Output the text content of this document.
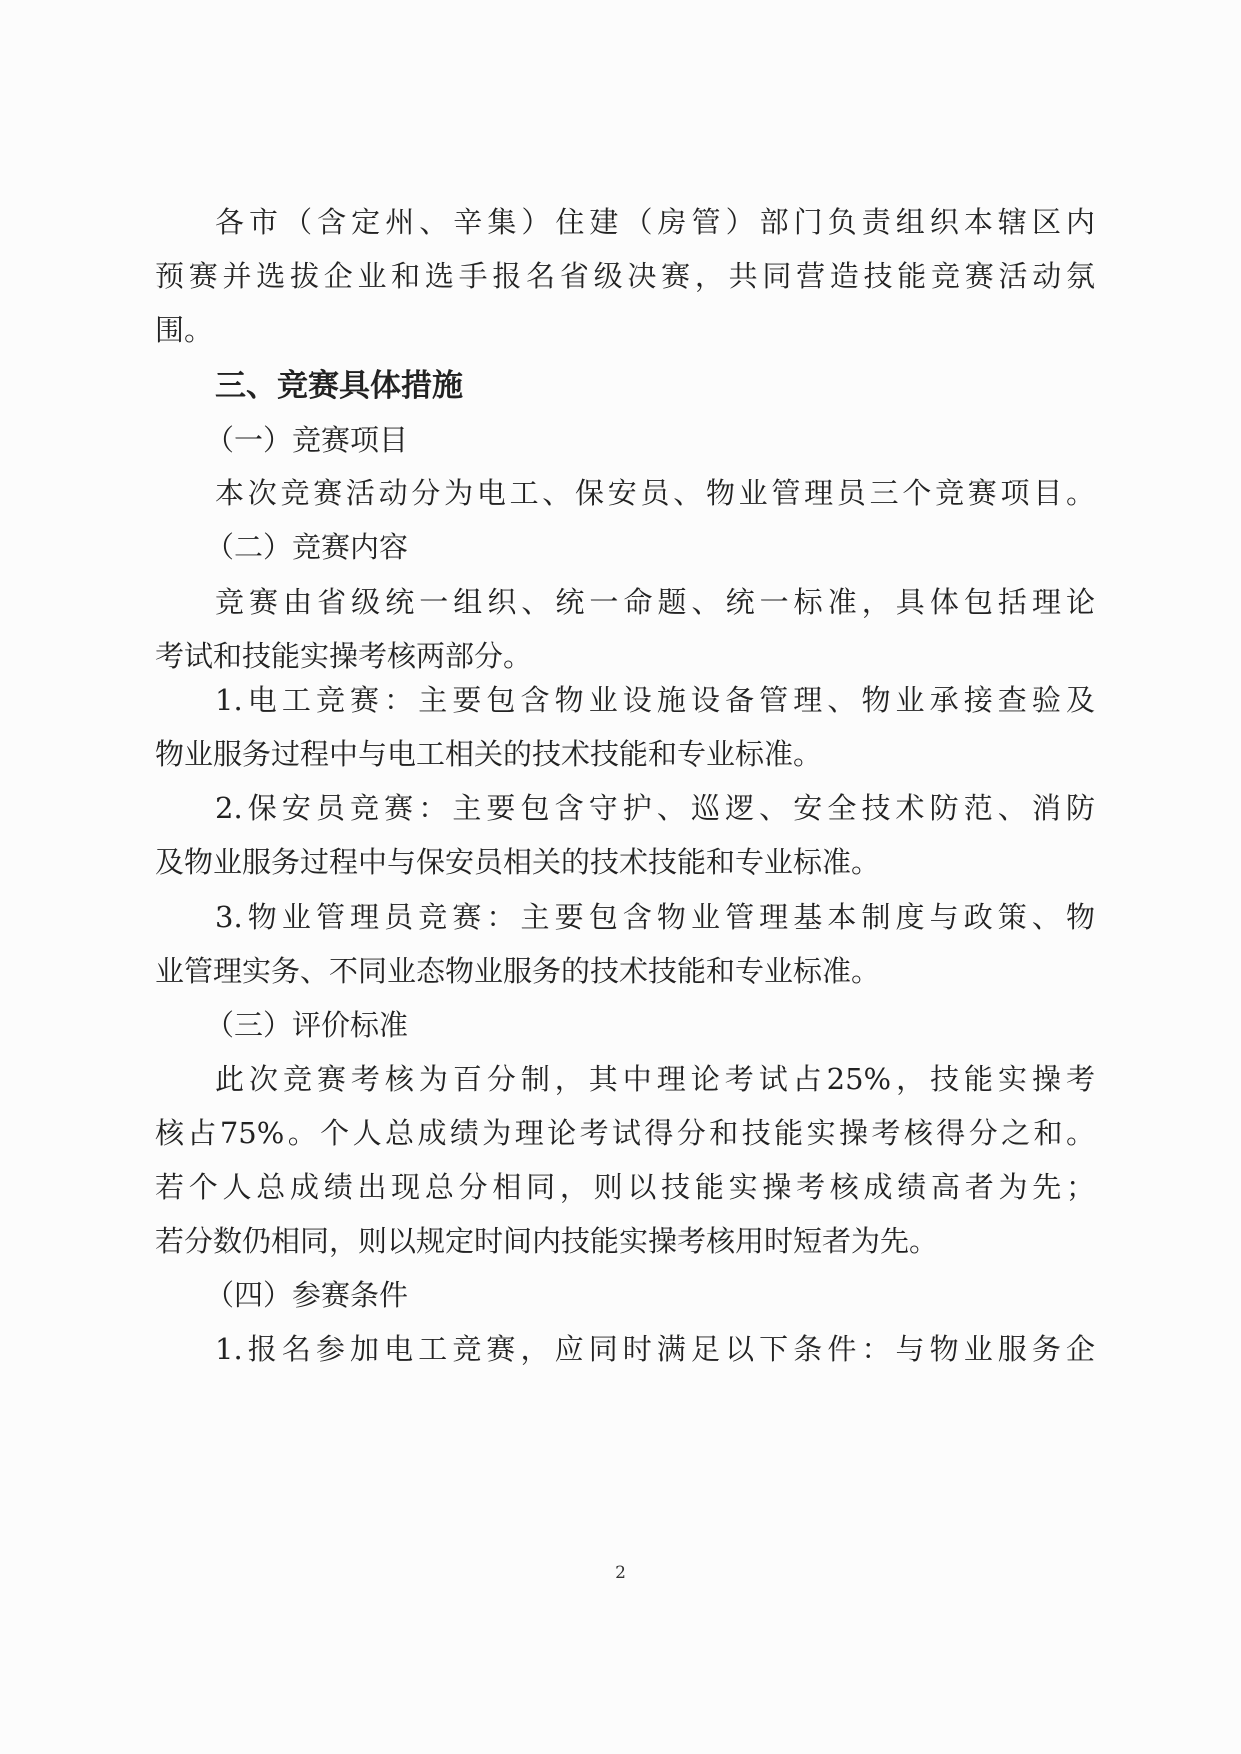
各市（含定州、辛集）住建（房管）部门负责组织本辖区内
预赛并选拔企业和选手报名省级决赛，共同营造技能竞赛活动氛
围。
三、竞赛具体措施
（一）竞赛项目
本次竞赛活动分为电工、保安员、物业管理员三个竞赛项目。
（二）竞赛内容
竞赛由省级统一组织、统一命题、统一标准，具体包括理论
考试和技能实操考核两部分。
1.电工竞赛：主要包含物业设施设备管理、物业承接查验及
物业服务过程中与电工相关的技术技能和专业标准。
2.保安员竞赛：主要包含守护、巡逻、安全技术防范、消防
及物业服务过程中与保安员相关的技术技能和专业标准。
3.物业管理员竞赛：主要包含物业管理基本制度与政策、物
业管理实务、不同业态物业服务的技术技能和专业标准。
（三）评价标准
此次竞赛考核为百分制，其中理论考试占25%，技能实操考
核占75%。个人总成绩为理论考试得分和技能实操考核得分之和。
若个人总成绩出现总分相同，则以技能实操考核成绩高者为先；
若分数仍相同，则以规定时间内技能实操考核用时短者为先。
（四）参赛条件
1.报名参加电工竞赛，应同时满足以下条件：与物业服务企
2
